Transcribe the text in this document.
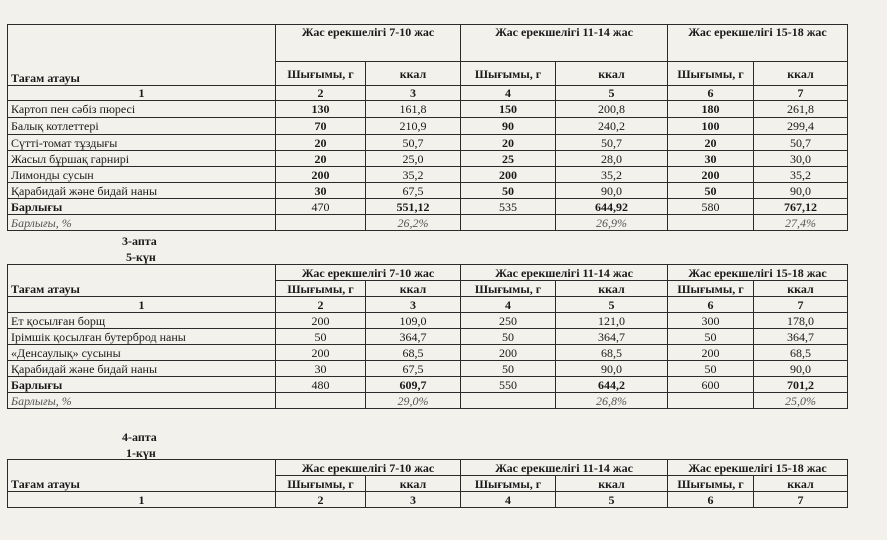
Тағам атауы	Жас ерекшелігі 7-10 жас		Жас ерекшелігі 11-14 жас		Жас ерекшелігі 15-18 жас	
	Шығымы, г	ккал	Шығымы, г	ккал	Шығымы, г	ккал
1	2	3	4	5	6	7
Картоп пен сәбіз пюресі	130	161,8	150	200,8	180	261,8
Балық котлеттері	70	210,9	90	240,2	100	299,4
Сүтті-томат тұздығы	20	50,7	20	50,7	20	50,7
Жасыл бұршақ гарнирі	20	25,0	25	28,0	30	30,0
Лимонды сусын	200	35,2	200	35,2	200	35,2
Қарабидай және бидай наны	30	67,5	50	90,0	50	90,0
Барлығы	470	551,12	535	644,92	580	767,12
Барлығы, %		26,2%		26,9%		27,4%
3-апта
5-күн
Тағам атауы	Жас ерекшелігі 7-10 жас		Жас ерекшелігі 11-14 жас		Жас ерекшелігі 15-18 жас	
	Шығымы, г	ккал	Шығымы, г	ккал	Шығымы, г	ккал
1	2	3	4	5	6	7
Ет қосылған борщ	200	109,0	250	121,0	300	178,0
Ірімшік қосылған бутерброд наны	50	364,7	50	364,7	50	364,7
«Денсаулық» сусыны	200	68,5	200	68,5	200	68,5
Қарабидай және бидай наны	30	67,5	50	90,0	50	90,0
Барлығы	480	609,7	550	644,2	600	701,2
Барлығы, %		29,0%		26,8%		25,0%
4-апта
1-күн
Тағам атауы	Жас ерекшелігі 7-10 жас		Жас ерекшелігі 11-14 жас		Жас ерекшелігі 15-18 жас	
	Шығымы, г	ккал	Шығымы, г	ккал	Шығымы, г	ккал
1	2	3	4	5	6	7
